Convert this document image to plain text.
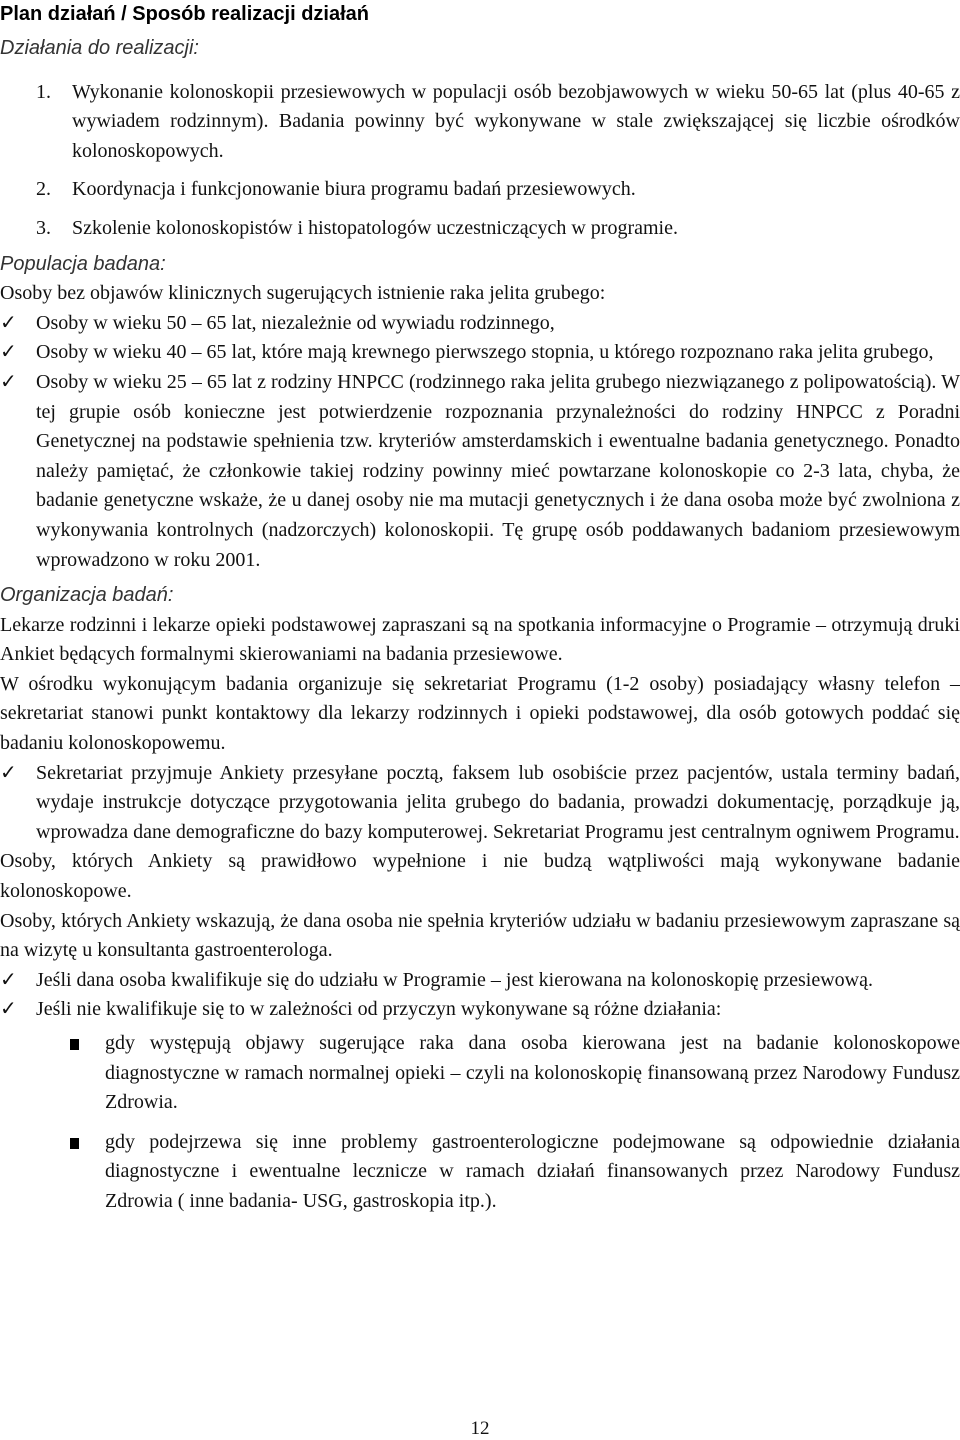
Plan działań / Sposób realizacji działań

Działania do realizacji:

1.	Wykonanie kolonoskopii przesiewowych w populacji osób bezobjawowych w wieku 50-65 lat (plus 40-65 z wywiadem rodzinnym). Badania powinny być wykonywane w stale zwiększającej się liczbie ośrodków kolonoskopowych.
2.	Koordynacja i funkcjonowanie biura programu badań przesiewowych.
3.	Szkolenie kolonoskopistów i histopatologów uczestniczących w programie.

Populacja badana:

Osoby bez objawów klinicznych sugerujących istnienie raka jelita grubego:

✓ Osoby w wieku 50 – 65 lat, niezależnie od wywiadu rodzinnego,
✓ Osoby w wieku 40 – 65 lat, które mają krewnego pierwszego stopnia, u którego rozpoznano raka jelita grubego,
✓ Osoby w wieku 25 – 65 lat z rodziny HNPCC (rodzinnego raka jelita grubego niezwiązanego z polipowatością). W tej grupie osób konieczne jest potwierdzenie rozpoznania przynależności do rodziny HNPCC z Poradni Genetycznej na podstawie spełnienia tzw. kryteriów amsterdamskich i ewentualne badania genetycznego. Ponadto należy pamiętać, że członkowie takiej rodziny powinny mieć powtarzane kolonoskopie co 2-3 lata, chyba, że badanie genetyczne wskaże, że u danej osoby nie ma mutacji genetycznych i że dana osoba może być zwolniona z wykonywania kontrolnych (nadzorczych) kolonoskopii. Tę grupę osób poddawanych badaniom przesiewowym wprowadzono w roku 2001.

Organizacja badań:

Lekarze rodzinni i lekarze opieki podstawowej zapraszani są na spotkania informacyjne o Programie – otrzymują druki Ankiet będących formalnymi skierowaniami na badania przesiewowe.

W ośrodku wykonującym badania organizuje się sekretariat Programu (1-2 osoby) posiadający własny telefon – sekretariat stanowi punkt kontaktowy dla lekarzy rodzinnych i opieki podstawowej, dla osób gotowych poddać się badaniu kolonoskopowemu.

✓ Sekretariat przyjmuje Ankiety przesyłane pocztą, faksem lub osobiście przez pacjentów, ustala terminy badań, wydaje instrukcje dotyczące przygotowania jelita grubego do badania, prowadzi dokumentację, porządkuje ją, wprowadza dane demograficzne do bazy komputerowej. Sekretariat Programu jest centralnym ogniwem Programu.

Osoby, których Ankiety są prawidłowo wypełnione i nie budzą wątpliwości mają wykonywane badanie kolonoskopowe.

Osoby, których Ankiety wskazują, że dana osoba nie spełnia kryteriów udziału w badaniu przesiewowym zapraszane są na wizytę u konsultanta gastroenterologa.

✓ Jeśli dana osoba kwalifikuje się do udziału w Programie – jest kierowana na kolonoskopię przesiewową.
✓ Jeśli nie kwalifikuje się to w zależności od przyczyn wykonywane są różne działania:
gdy występują objawy sugerujące raka dana osoba kierowana jest na badanie kolonoskopowe diagnostyczne w ramach normalnej opieki – czyli na kolonoskopię finansowaną przez Narodowy Fundusz Zdrowia.
gdy podejrzewa się inne problemy gastroenterologiczne podejmowane są odpowiednie działania diagnostyczne i ewentualne lecznicze w ramach działań finansowanych przez Narodowy Fundusz Zdrowia ( inne badania- USG, gastroskopia itp.).
12
